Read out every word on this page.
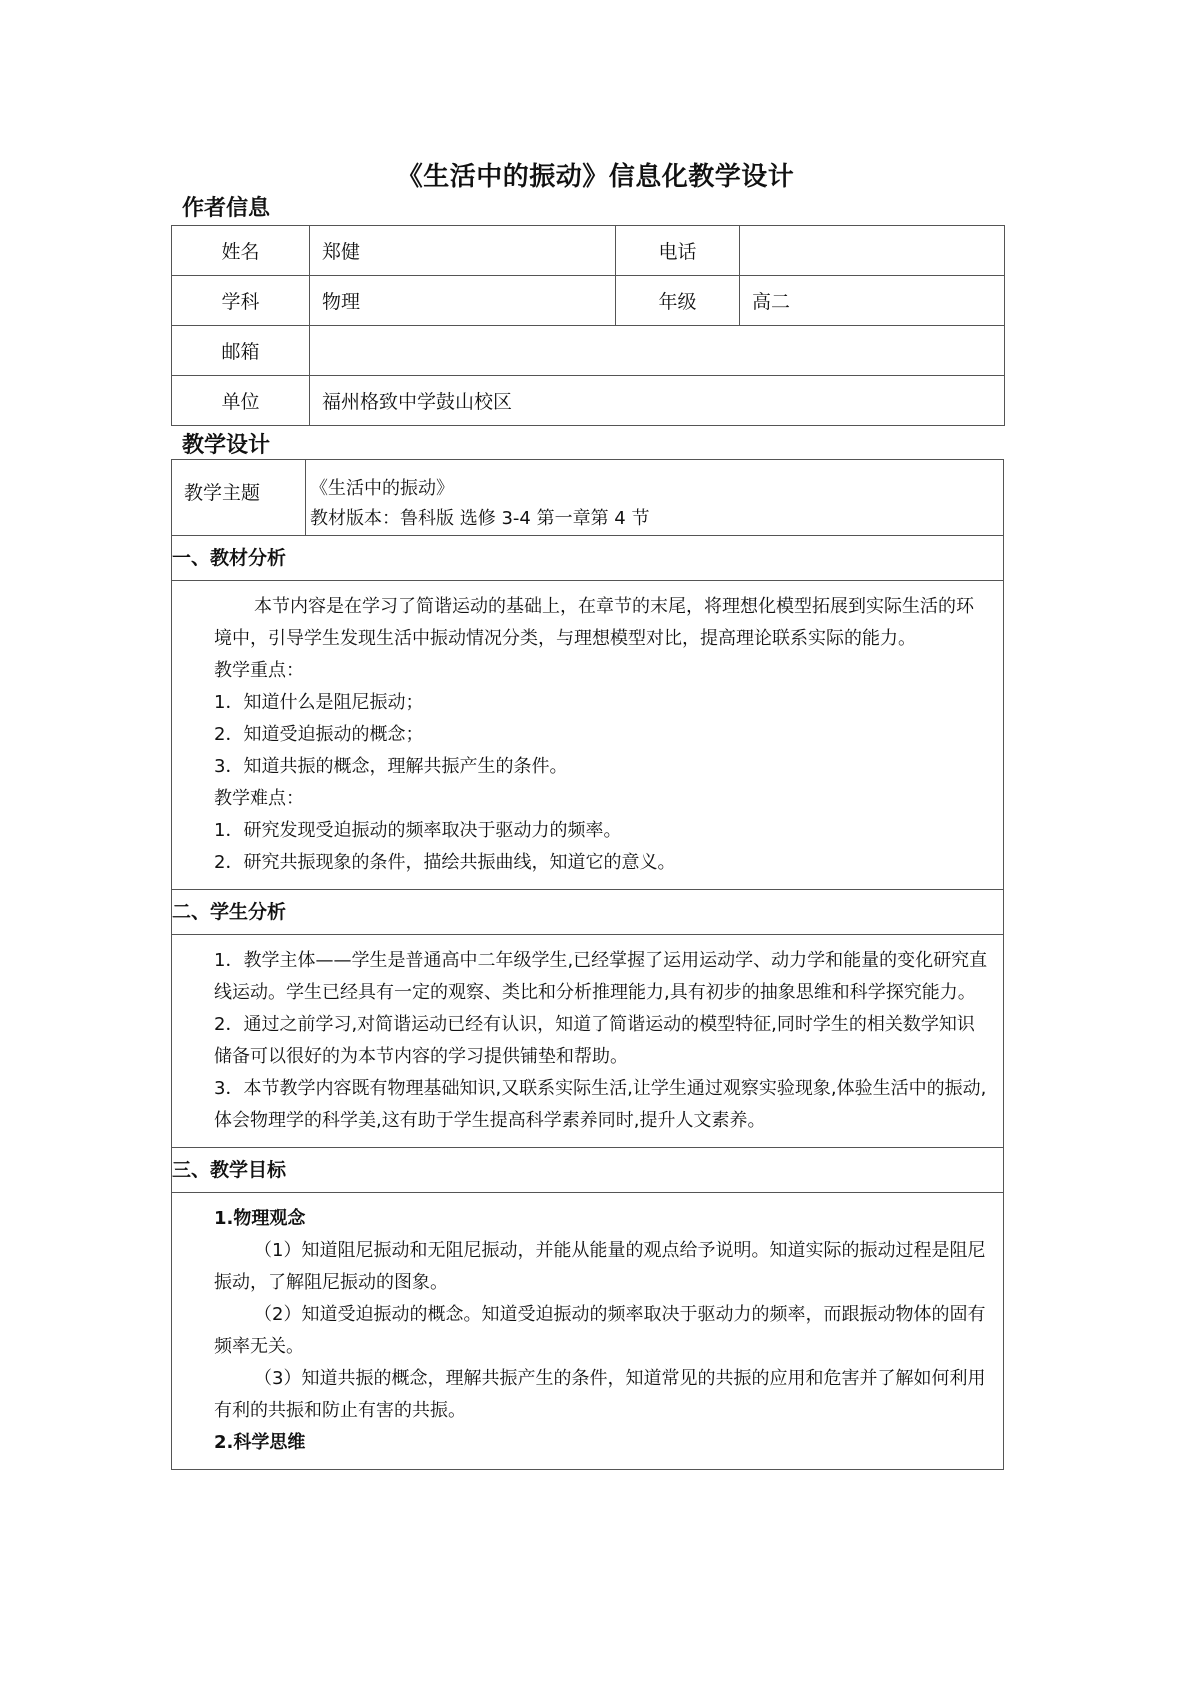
《生活中的振动》信息化教学设计
作者信息
姓名	郑健	电话	
学科	物理	年级	高二
邮箱			
单位	福州格致中学鼓山校区		
教学设计
教学主题	《生活中的振动》
教材版本：鲁科版 选修 3-4 第一章第 4 节
一、教材分析

本节内容是在学习了简谐运动的基础上，在章节的末尾，将理想化模型拓展到实际生活的环境中，引导学生发现生活中振动情况分类，与理想模型对比，提高理论联系实际的能力。

教学重点：

1．知道什么是阻尼振动；

2．知道受迫振动的概念；

3．知道共振的概念，理解共振产生的条件。

教学难点：

1．研究发现受迫振动的频率取决于驱动力的频率。

2．研究共振现象的条件，描绘共振曲线，知道它的意义。

二、学生分析

1．教学主体——学生是普通高中二年级学生,已经掌握了运用运动学、动力学和能量的变化研究直线运动。学生已经具有一定的观察、类比和分析推理能力,具有初步的抽象思维和科学探究能力。

2．通过之前学习,对简谐运动已经有认识，知道了简谐运动的模型特征,同时学生的相关数学知识储备可以很好的为本节内容的学习提供铺垫和帮助。

3．本节教学内容既有物理基础知识,又联系实际生活,让学生通过观察实验现象,体验生活中的振动,体会物理学的科学美,这有助于学生提高科学素养同时,提升人文素养。

三、教学目标

1.物理观念

（1）知道阻尼振动和无阻尼振动，并能从能量的观点给予说明。知道实际的振动过程是阻尼振动，了解阻尼振动的图象。

（2）知道受迫振动的概念。知道受迫振动的频率取决于驱动力的频率，而跟振动物体的固有频率无关。

（3）知道共振的概念，理解共振产生的条件，知道常见的共振的应用和危害并了解如何利用有利的共振和防止有害的共振。

2.科学思维
